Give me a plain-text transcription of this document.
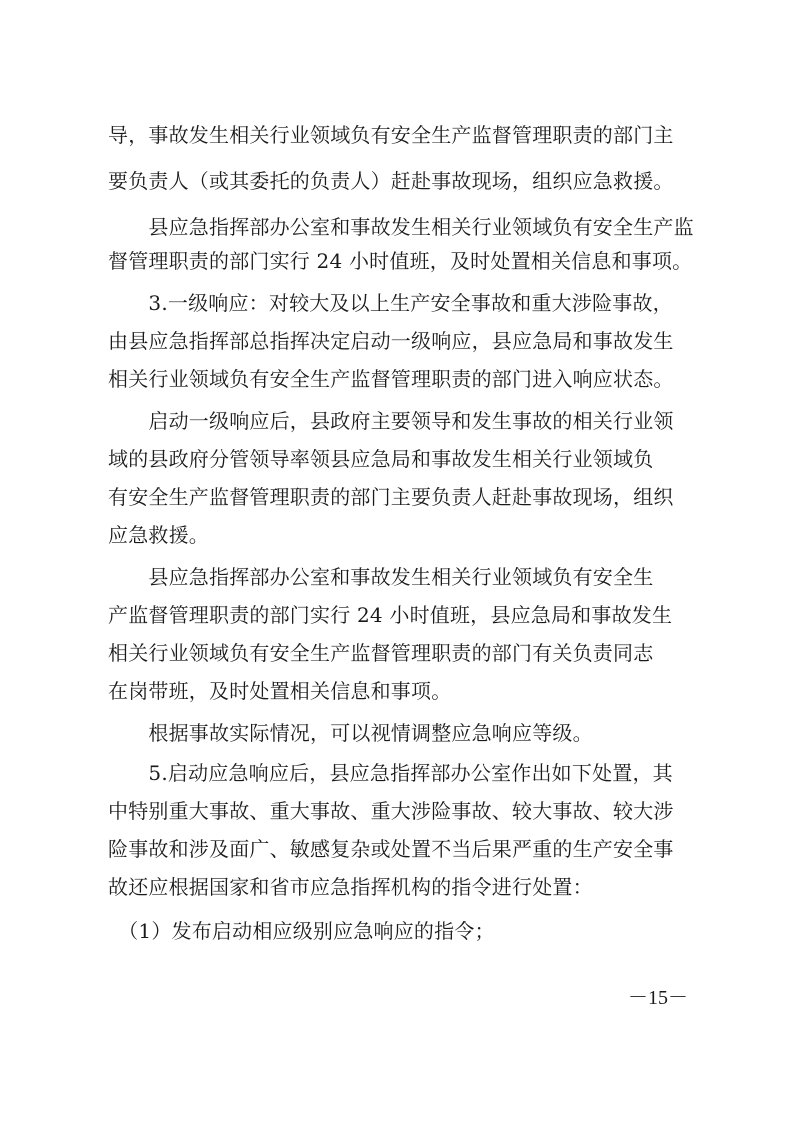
导，事故发生相关行业领域负有安全生产监督管理职责的部门主
要负责人（或其委托的负责人）赶赴事故现场，组织应急救援。
　　县应急指挥部办公室和事故发生相关行业领域负有安全生产监
督管理职责的部门实行 24 小时值班，及时处置相关信息和事项。
　　3.一级响应：对较大及以上生产安全事故和重大涉险事故，
由县应急指挥部总指挥决定启动一级响应，县应急局和事故发生
相关行业领域负有安全生产监督管理职责的部门进入响应状态。
　　启动一级响应后，县政府主要领导和发生事故的相关行业领
域的县政府分管领导率领县应急局和事故发生相关行业领域负
有安全生产监督管理职责的部门主要负责人赶赴事故现场，组织
应急救援。
　　县应急指挥部办公室和事故发生相关行业领域负有安全生
产监督管理职责的部门实行 24 小时值班，县应急局和事故发生
相关行业领域负有安全生产监督管理职责的部门有关负责同志
在岗带班，及时处置相关信息和事项。
　　根据事故实际情况，可以视情调整应急响应等级。
　　5.启动应急响应后，县应急指挥部办公室作出如下处置，其
中特别重大事故、重大事故、重大涉险事故、较大事故、较大涉
险事故和涉及面广、敏感复杂或处置不当后果严重的生产安全事
故还应根据国家和省市应急指挥机构的指令进行处置：
　（1）发布启动相应级别应急响应的指令；
－15－
